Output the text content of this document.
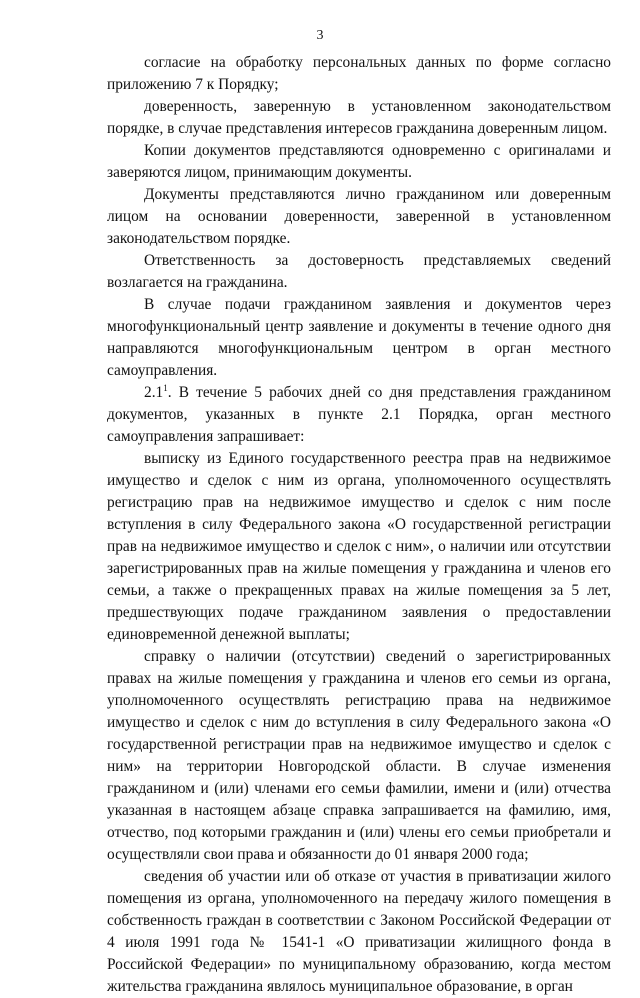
3

согласие на обработку персональных данных по форме согласно приложению 7 к Порядку;

доверенность, заверенную в установленном законодательством порядке, в случае представления интересов гражданина доверенным лицом.

Копии документов представляются одновременно с оригиналами и заверяются лицом, принимающим документы.

Документы представляются лично гражданином или доверенным лицом на основании доверенности, заверенной в установленном законодательством порядке.

Ответственность за достоверность представляемых сведений возлагается на гражданина.

В случае подачи гражданином заявления и документов через многофункциональный центр заявление и документы в течение одного дня направляются многофункциональным центром в орган местного самоуправления.

$2.1^1$. В течение 5 рабочих дней со дня представления гражданином документов, указанных в пункте 2.1 Порядка, орган местного самоуправления запрашивает:

выписку из Единого государственного реестра прав на недвижимое имущество и сделок с ним из органа, уполномоченного осуществлять регистрацию прав на недвижимое имущество и сделок с ним после вступления в силу Федерального закона «О государственной регистрации прав на недвижимое имущество и сделок с ним», о наличии или отсутствии зарегистрированных прав на жилые помещения у гражданина и членов его семьи, а также о прекращенных правах на жилые помещения за 5 лет, предшествующих подаче гражданином заявления о предоставлении единовременной денежной выплаты;

справку о наличии (отсутствии) сведений о зарегистрированных правах на жилые помещения у гражданина и членов его семьи из органа, уполномоченного осуществлять регистрацию права на недвижимое имущество и сделок с ним до вступления в силу Федерального закона «О государственной регистрации прав на недвижимое имущество и сделок с ним» на территории Новгородской области. В случае изменения гражданином и (или) членами его семьи фамилии, имени и (или) отчества указанная в настоящем абзаце справка запрашивается на фамилию, имя, отчество, под которыми гражданин и (или) члены его семьи приобретали и осуществляли свои права и обязанности до 01 января 2000 года;

сведения об участии или об отказе от участия в приватизации жилого помещения из органа, уполномоченного на передачу жилого помещения в собственность граждан в соответствии с Законом Российской Федерации от 4 июля 1991 года № 1541-1 «О приватизации жилищного фонда в Российской Федерации» по муниципальному образованию, когда местом жительства гражданина являлось муниципальное образование, в орган
